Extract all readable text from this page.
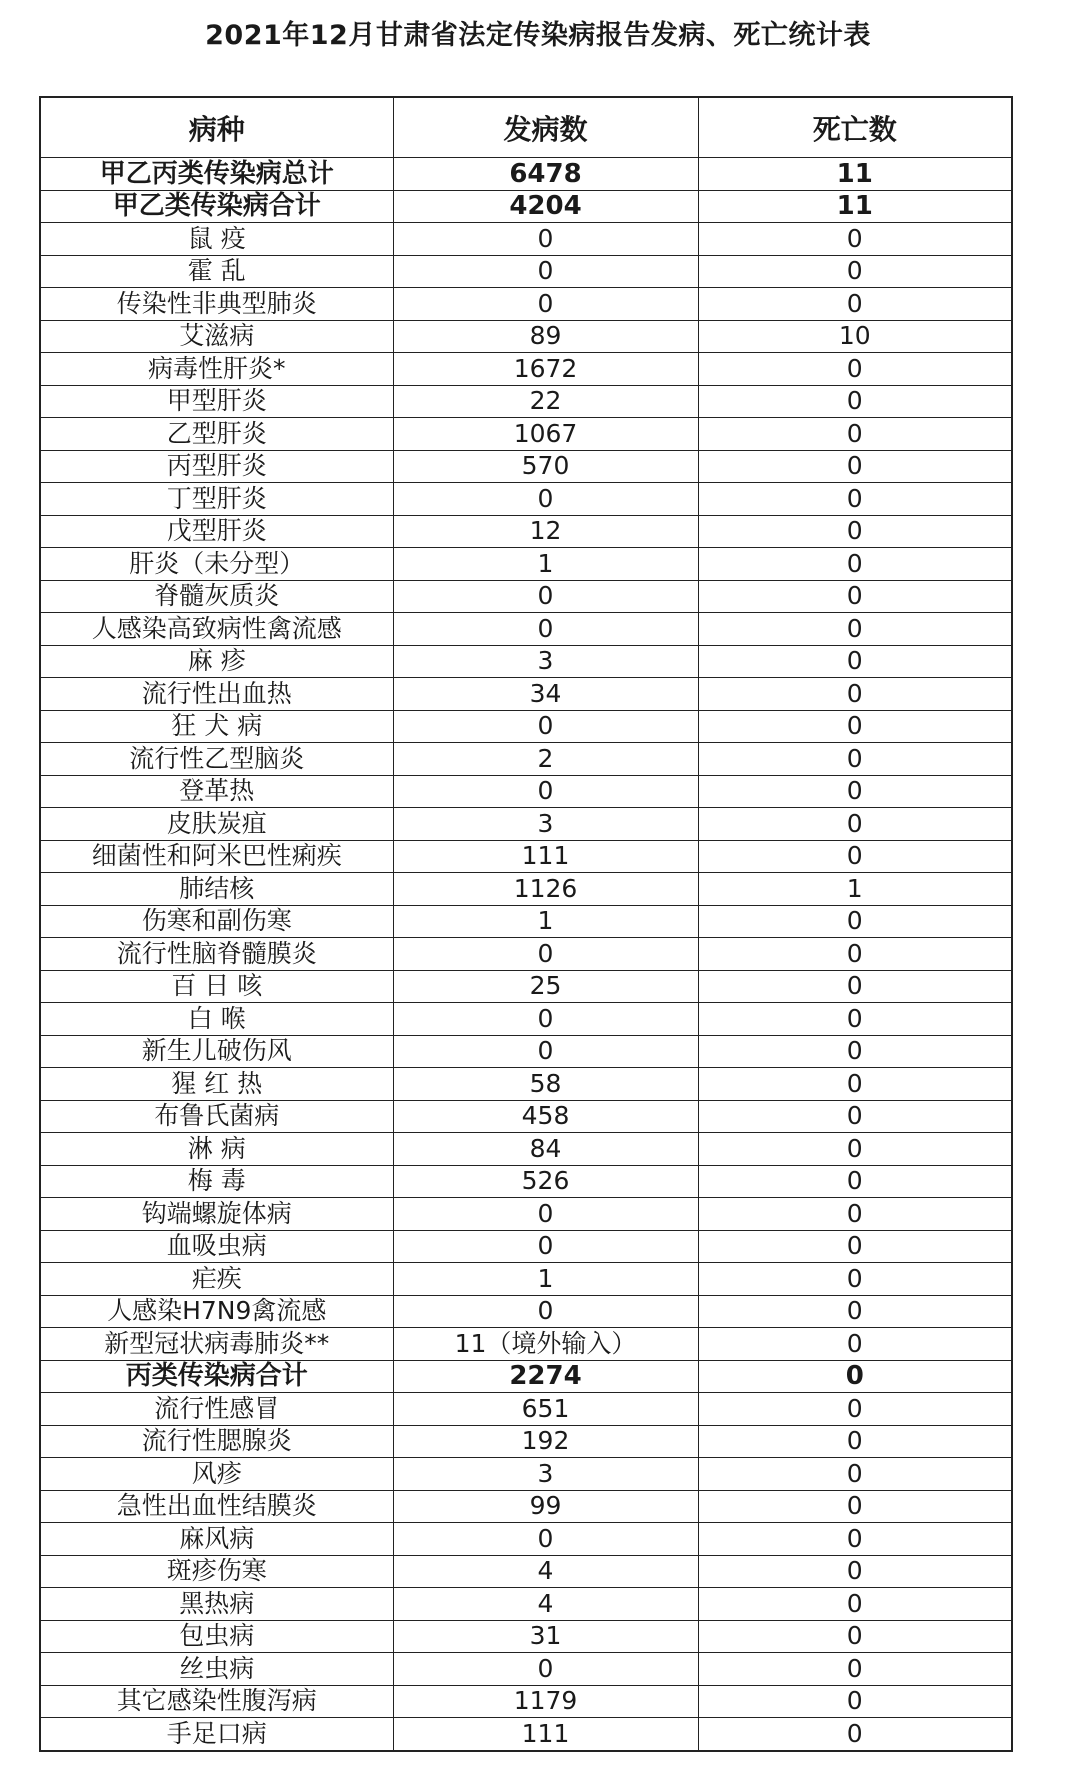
2021年12月甘肃省法定传染病报告发病、死亡统计表
病种	发病数	死亡数
甲乙丙类传染病总计	6478	11
甲乙类传染病合计	4204	11
鼠 疫	0	0
霍 乱	0	0
传染性非典型肺炎	0	0
艾滋病	89	10
病毒性肝炎*	1672	0
甲型肝炎	22	0
乙型肝炎	1067	0
丙型肝炎	570	0
丁型肝炎	0	0
戊型肝炎	12	0
肝炎（未分型）	1	0
脊髓灰质炎	0	0
人感染高致病性禽流感	0	0
麻 疹	3	0
流行性出血热	34	0
狂 犬 病	0	0
流行性乙型脑炎	2	0
登革热	0	0
皮肤炭疽	3	0
细菌性和阿米巴性痢疾	111	0
肺结核	1126	1
伤寒和副伤寒	1	0
流行性脑脊髓膜炎	0	0
百 日 咳	25	0
白 喉	0	0
新生儿破伤风	0	0
猩 红 热	58	0
布鲁氏菌病	458	0
淋 病	84	0
梅 毒	526	0
钩端螺旋体病	0	0
血吸虫病	0	0
疟疾	1	0
人感染H7N9禽流感	0	0
新型冠状病毒肺炎**	11（境外输入）	0
丙类传染病合计	2274	0
流行性感冒	651	0
流行性腮腺炎	192	0
风疹	3	0
急性出血性结膜炎	99	0
麻风病	0	0
斑疹伤寒	4	0
黑热病	4	0
包虫病	31	0
丝虫病	0	0
其它感染性腹泻病	1179	0
手足口病	111	0
